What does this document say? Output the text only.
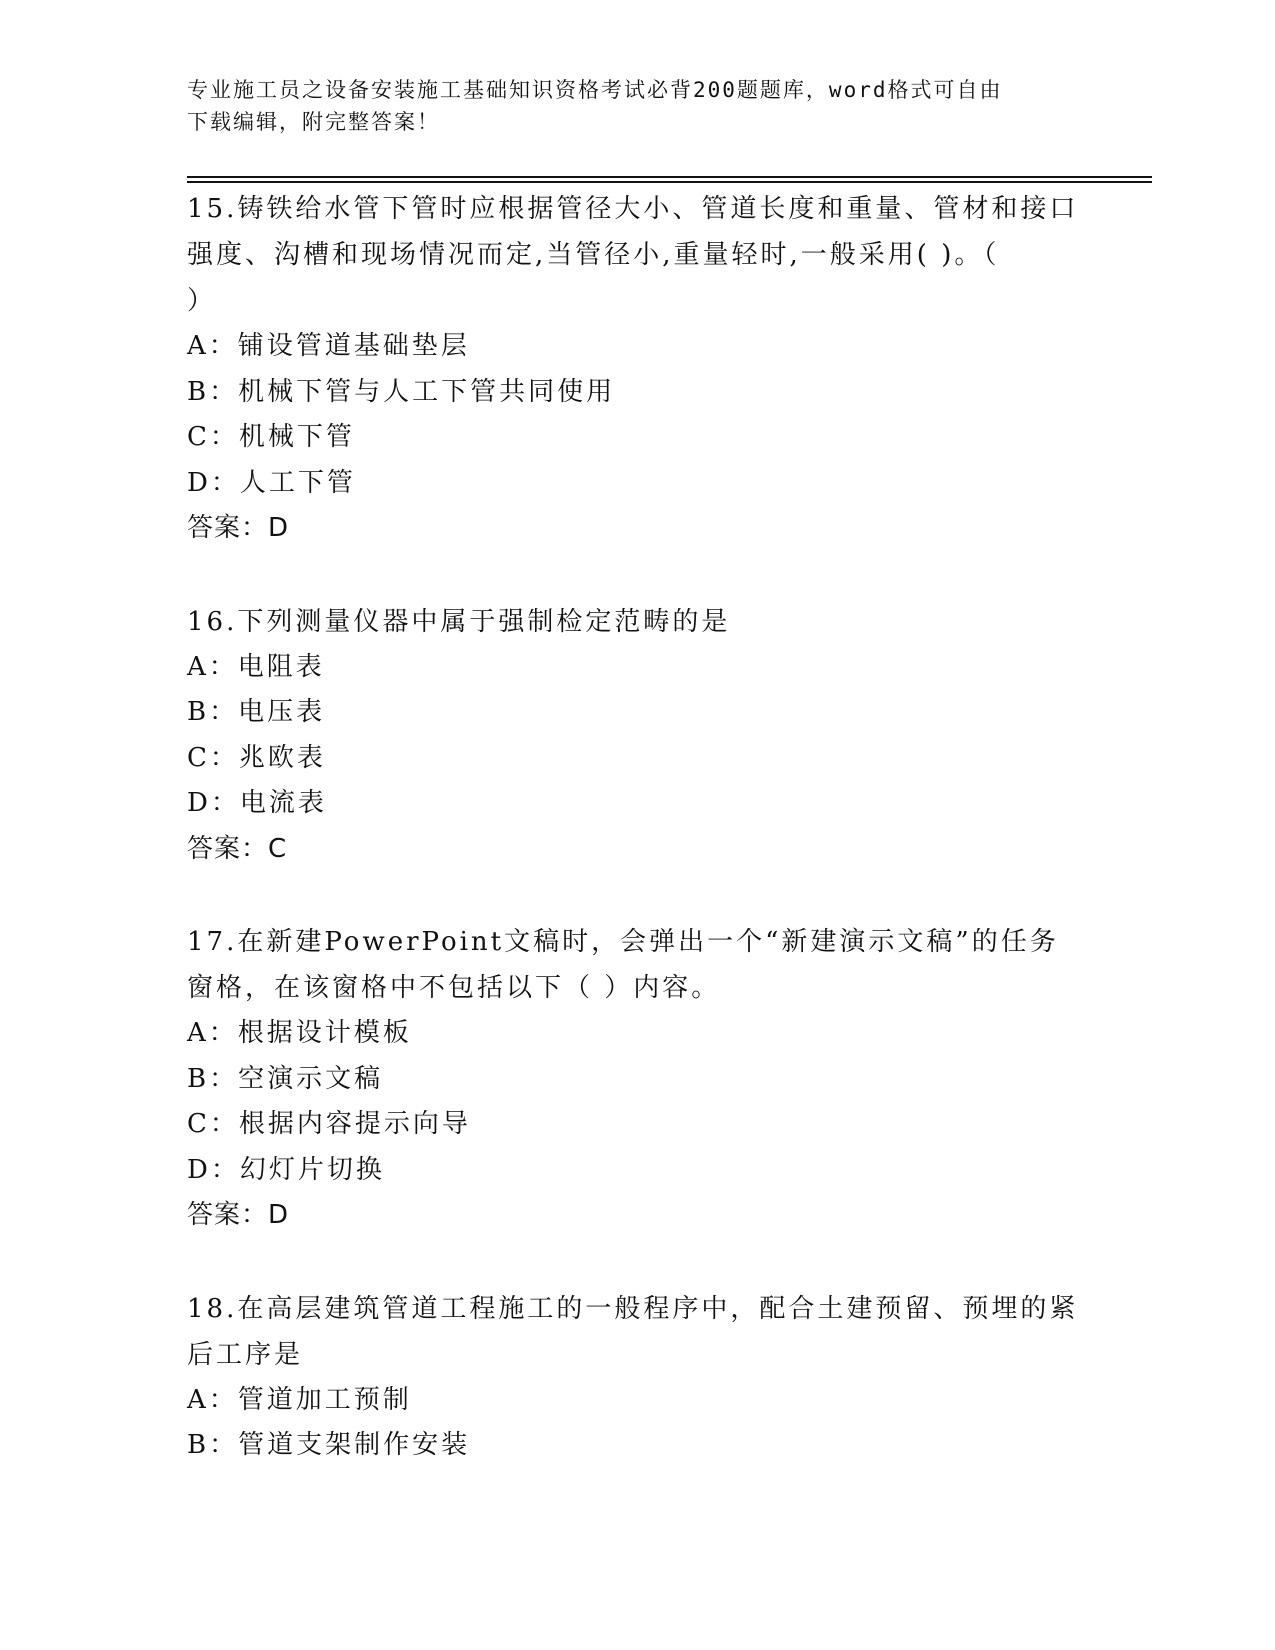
专业施工员之设备安装施工基础知识资格考试必背200题题库，word格式可自由
下载编辑，附完整答案！

15.铸铁给水管下管时应根据管径大小、管道长度和重量、管材和接口

强度、沟槽和现场情况而定,当管径小,重量轻时,一般采用( )。（

）

A：铺设管道基础垫层

B：机械下管与人工下管共同使用

C：机械下管

D：人工下管

答案：D

16.下列测量仪器中属于强制检定范畴的是

A：电阻表

B：电压表

C：兆欧表

D：电流表

答案：C

17.在新建PowerPoint文稿时，会弹出一个“新建演示文稿”的任务

窗格，在该窗格中不包括以下（ ）内容。

A：根据设计模板

B：空演示文稿

C：根据内容提示向导

D：幻灯片切换

答案：D

18.在高层建筑管道工程施工的一般程序中，配合土建预留、预埋的紧

后工序是

A：管道加工预制

B：管道支架制作安装
